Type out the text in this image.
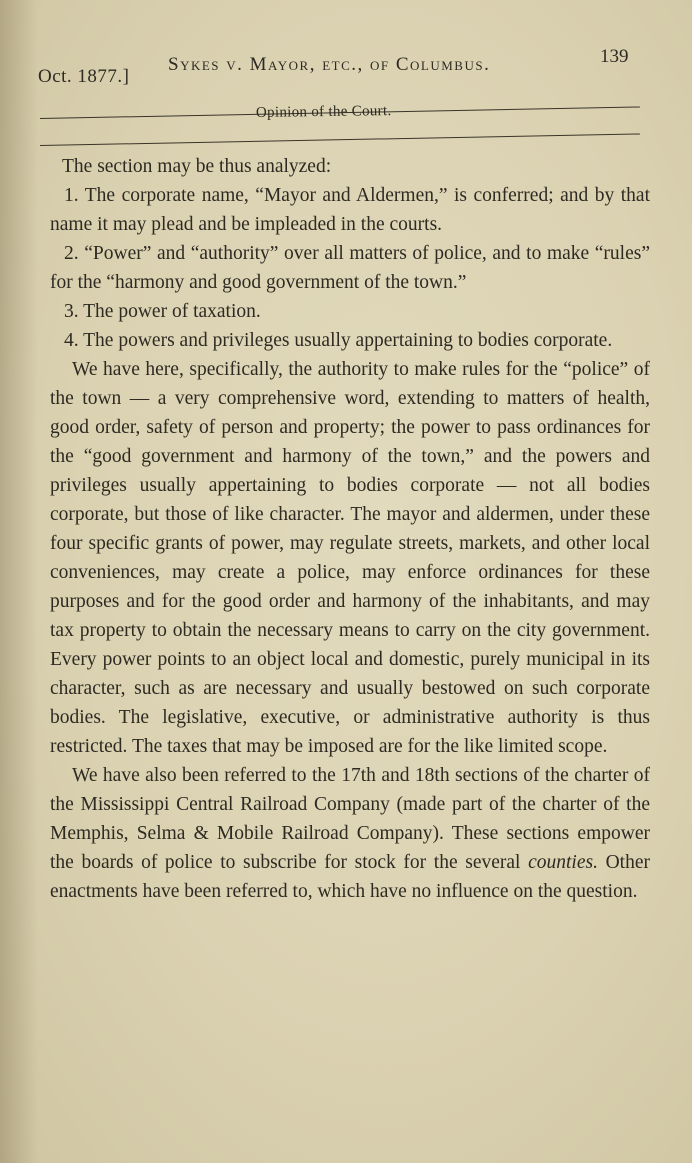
Oct. 1877.]
Sykes v. Mayor, etc., of Columbus.	139
Opinion of the Court.

The section may be thus analyzed:

1. The corporate name, “Mayor and Aldermen,” is conferred; and by that name it may plead and be impleaded in the courts.

2. “Power” and “authority” over all matters of police, and to make “rules” for the “harmony and good government of the town.”

3. The power of taxation.

4. The powers and privileges usually appertaining to bodies corporate.

We have here, specifically, the authority to make rules for the “police” of the town — a very comprehensive word, extending to matters of health, good order, safety of person and property; the power to pass ordinances for the “good government and harmony of the town,” and the powers and privileges usually appertaining to bodies corporate — not all bodies corporate, but those of like character. The mayor and aldermen, under these four specific grants of power, may regulate streets, markets, and other local conveniences, may create a police, may enforce ordinances for these purposes and for the good order and harmony of the inhabitants, and may tax property to obtain the necessary means to carry on the city government. Every power points to an object local and domestic, purely municipal in its character, such as are necessary and usually bestowed on such corporate bodies. The legislative, executive, or administrative authority is thus restricted. The taxes that may be imposed are for the like limited scope.

We have also been referred to the 17th and 18th sections of the charter of the Mississippi Central Railroad Company (made part of the charter of the Memphis, Selma & Mobile Railroad Company). These sections empower the boards of police to subscribe for stock for the several counties. Other enactments have been referred to, which have no influence on the question.
